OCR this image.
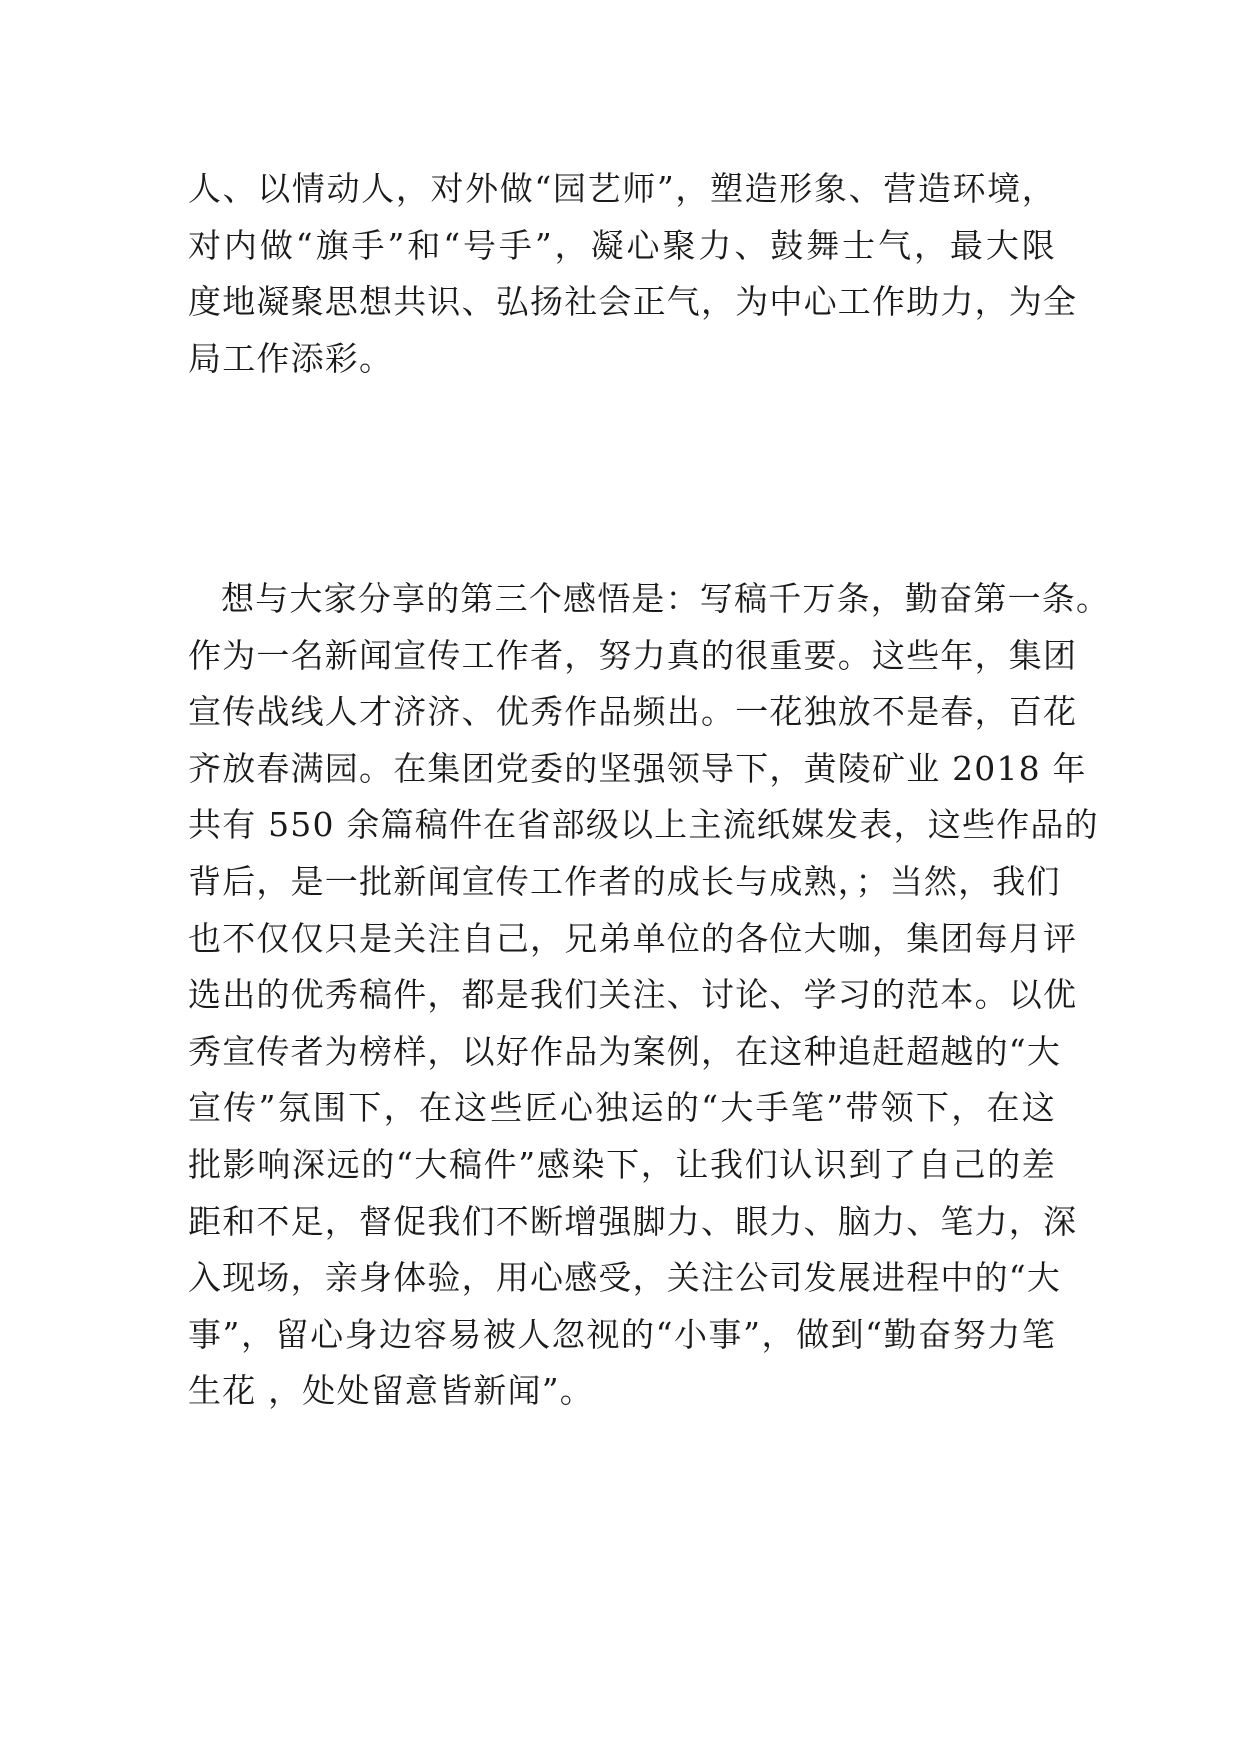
人、以情动人，对外做“园艺师”，塑造形象、营造环境，
对内做“旗手”和“号手”，凝心聚力、鼓舞士气，最大限
度地凝聚思想共识、弘扬社会正气，为中心工作助力，为全
局工作添彩。
想与大家分享的第三个感悟是：写稿千万条，勤奋第一条。
作为一名新闻宣传工作者，努力真的很重要。这些年，集团
宣传战线人才济济、优秀作品频出。一花独放不是春，百花
齐放春满园。在集团党委的坚强领导下，黄陵矿业 2018 年
共有 550 余篇稿件在省部级以上主流纸媒发表，这些作品的
背后，是一批新闻宣传工作者的成长与成熟，；当然，我们
也不仅仅只是关注自己，兄弟单位的各位大咖，集团每月评
选出的优秀稿件，都是我们关注、讨论、学习的范本。以优
秀宣传者为榜样，以好作品为案例，在这种追赶超越的“大
宣传”氛围下，在这些匠心独运的“大手笔”带领下，在这
批影响深远的“大稿件”感染下，让我们认识到了自己的差
距和不足，督促我们不断增强脚力、眼力、脑力、笔力，深
入现场，亲身体验，用心感受，关注公司发展进程中的“大
事”，留心身边容易被人忽视的“小事”，做到“勤奋努力笔
生花 ，处处留意皆新闻”。
